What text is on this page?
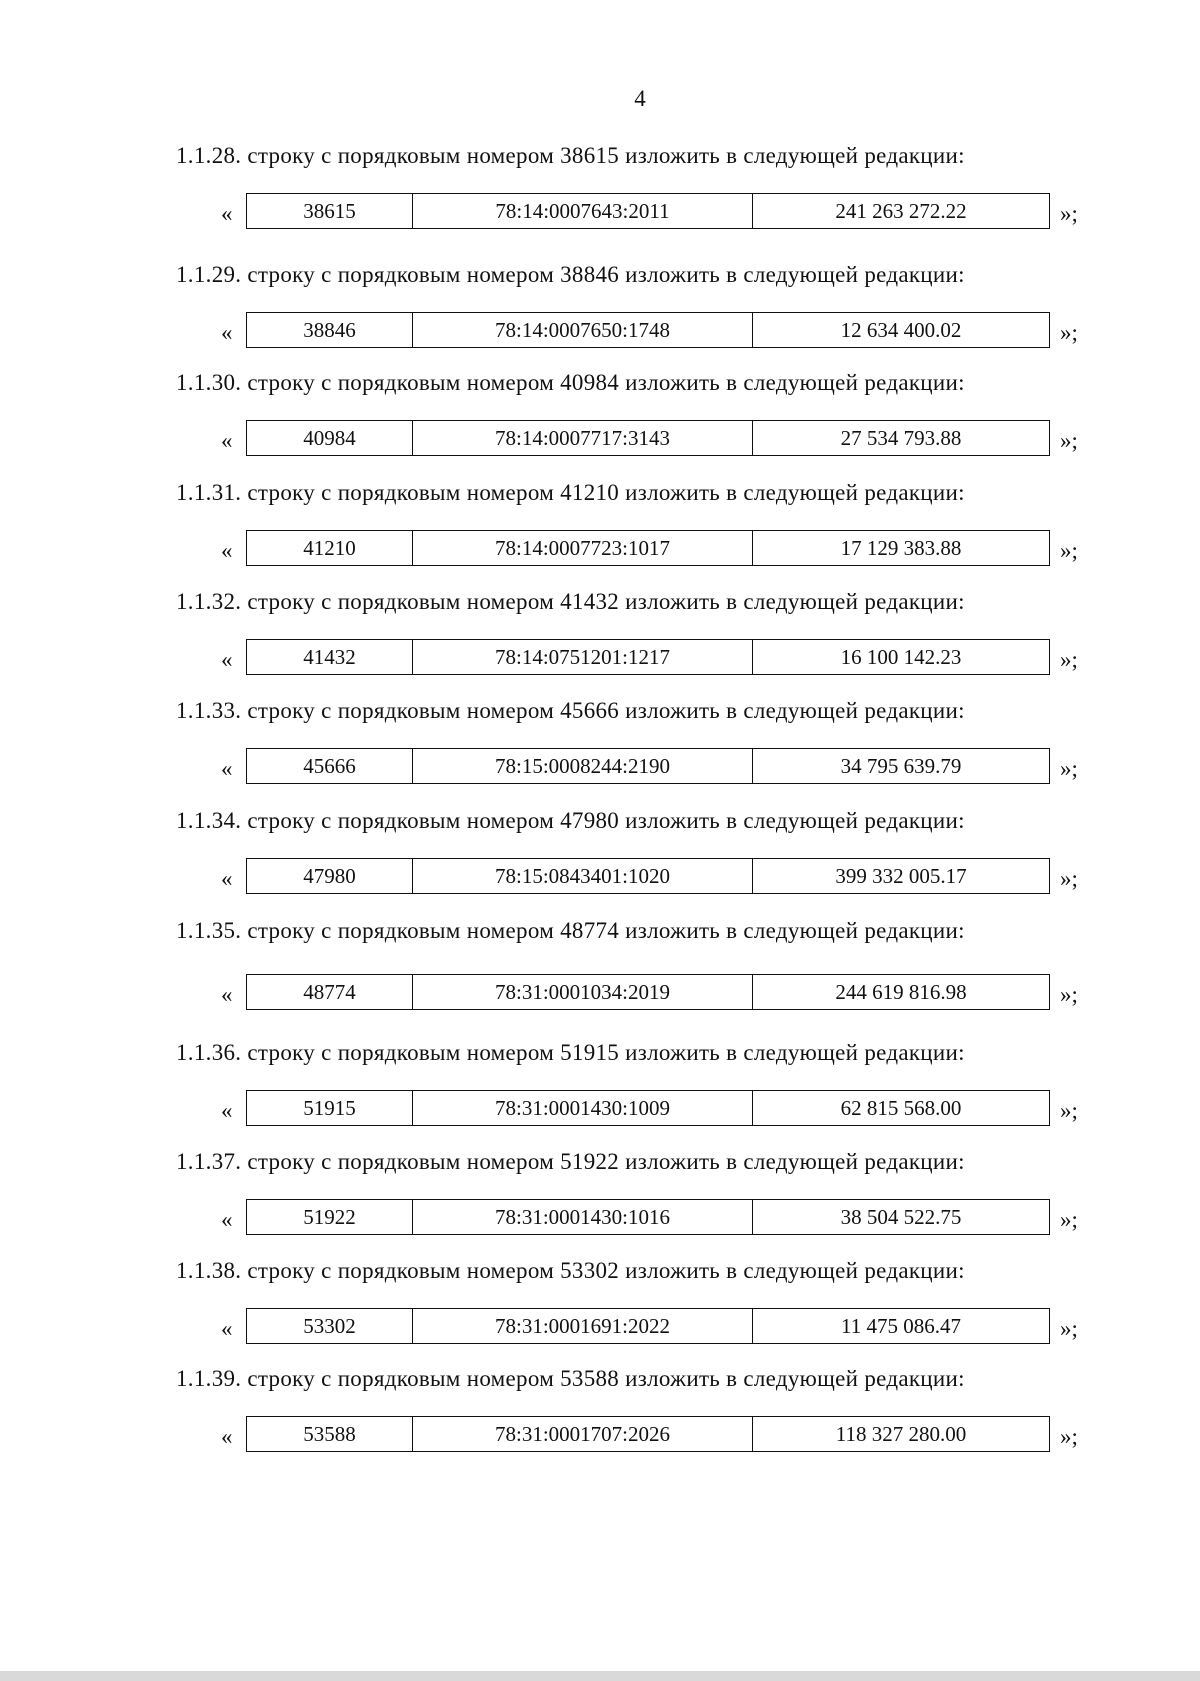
4
1.1.28. строку с порядковым номером 38615 изложить в следующей редакции:
«	38615	78:14:0007643:2011	241 263 272.22	»;
1.1.29. строку с порядковым номером 38846 изложить в следующей редакции:
«	38846	78:14:0007650:1748	12 634 400.02	»;
1.1.30. строку с порядковым номером 40984 изложить в следующей редакции:
«	40984	78:14:0007717:3143	27 534 793.88	»;
1.1.31. строку с порядковым номером 41210 изложить в следующей редакции:
«	41210	78:14:0007723:1017	17 129 383.88	»;
1.1.32. строку с порядковым номером 41432 изложить в следующей редакции:
«	41432	78:14:0751201:1217	16 100 142.23	»;
1.1.33. строку с порядковым номером 45666 изложить в следующей редакции:
«	45666	78:15:0008244:2190	34 795 639.79	»;
1.1.34. строку с порядковым номером 47980 изложить в следующей редакции:
«	47980	78:15:0843401:1020	399 332 005.17	»;
1.1.35. строку с порядковым номером 48774 изложить в следующей редакции:
«	48774	78:31:0001034:2019	244 619 816.98	»;
1.1.36. строку с порядковым номером 51915 изложить в следующей редакции:
«	51915	78:31:0001430:1009	62 815 568.00	»;
1.1.37. строку с порядковым номером 51922 изложить в следующей редакции:
«	51922	78:31:0001430:1016	38 504 522.75	»;
1.1.38. строку с порядковым номером 53302 изложить в следующей редакции:
«	53302	78:31:0001691:2022	11 475 086.47	»;
1.1.39. строку с порядковым номером 53588 изложить в следующей редакции:
«	53588	78:31:0001707:2026	118 327 280.00	»;
